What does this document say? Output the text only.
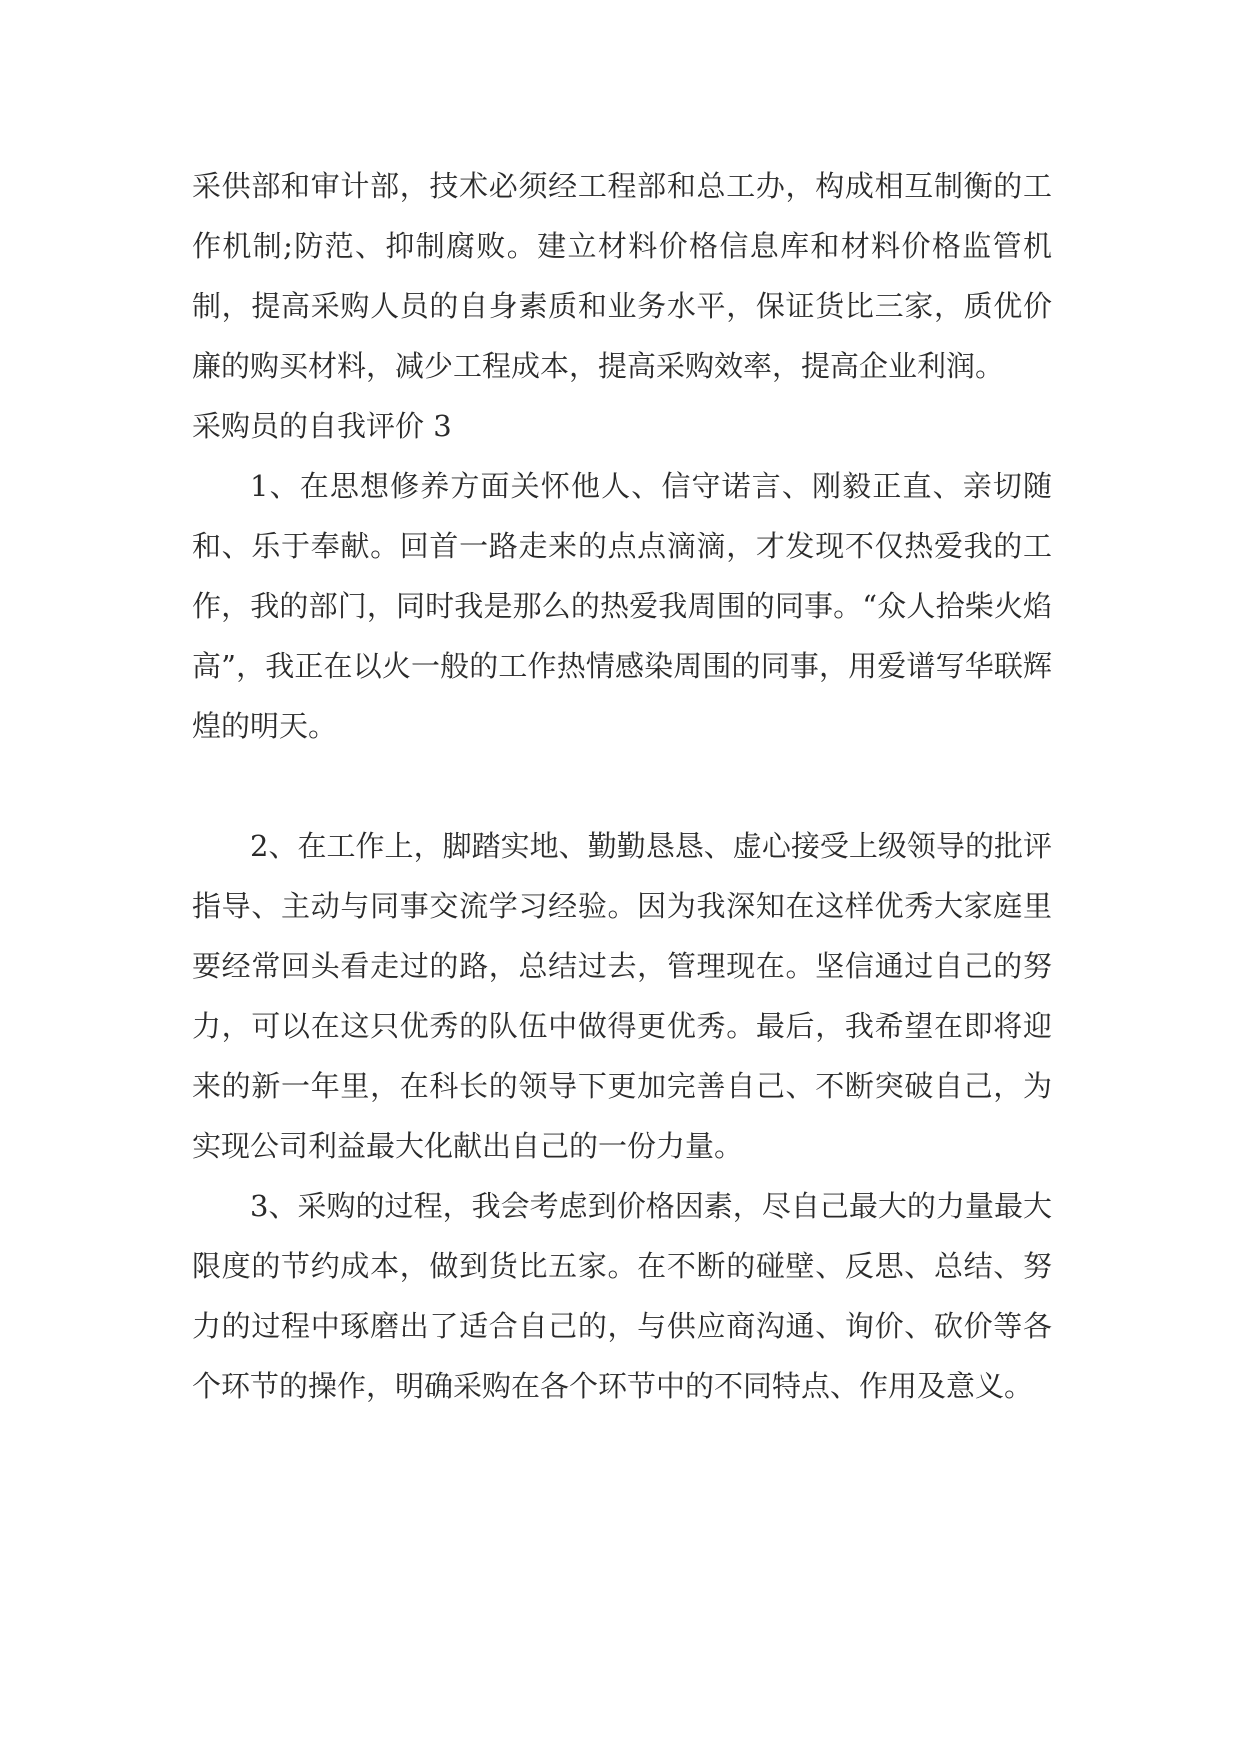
采供部和审计部，技术必须经工程部和总工办，构成相互制衡的工作机制;防范、抑制腐败。建立材料价格信息库和材料价格监管机制，提高采购人员的自身素质和业务水平，保证货比三家，质优价廉的购买材料，减少工程成本，提高采购效率，提高企业利润。

采购员的自我评价 3

1、在思想修养方面关怀他人、信守诺言、刚毅正直、亲切随和、乐于奉献。回首一路走来的点点滴滴，才发现不仅热爱我的工作，我的部门，同时我是那么的热爱我周围的同事。“众人拾柴火焰高”，我正在以火一般的工作热情感染周围的同事，用爱谱写华联辉煌的明天。

2、在工作上，脚踏实地、勤勤恳恳、虚心接受上级领导的批评指导、主动与同事交流学习经验。因为我深知在这样优秀大家庭里要经常回头看走过的路，总结过去，管理现在。坚信通过自己的努力，可以在这只优秀的队伍中做得更优秀。最后，我希望在即将迎来的新一年里，在科长的领导下更加完善自己、不断突破自己，为实现公司利益最大化献出自己的一份力量。

3、采购的过程，我会考虑到价格因素，尽自己最大的力量最大限度的节约成本，做到货比五家。在不断的碰壁、反思、总结、努力的过程中琢磨出了适合自己的，与供应商沟通、询价、砍价等各个环节的操作，明确采购在各个环节中的不同特点、作用及意义。
